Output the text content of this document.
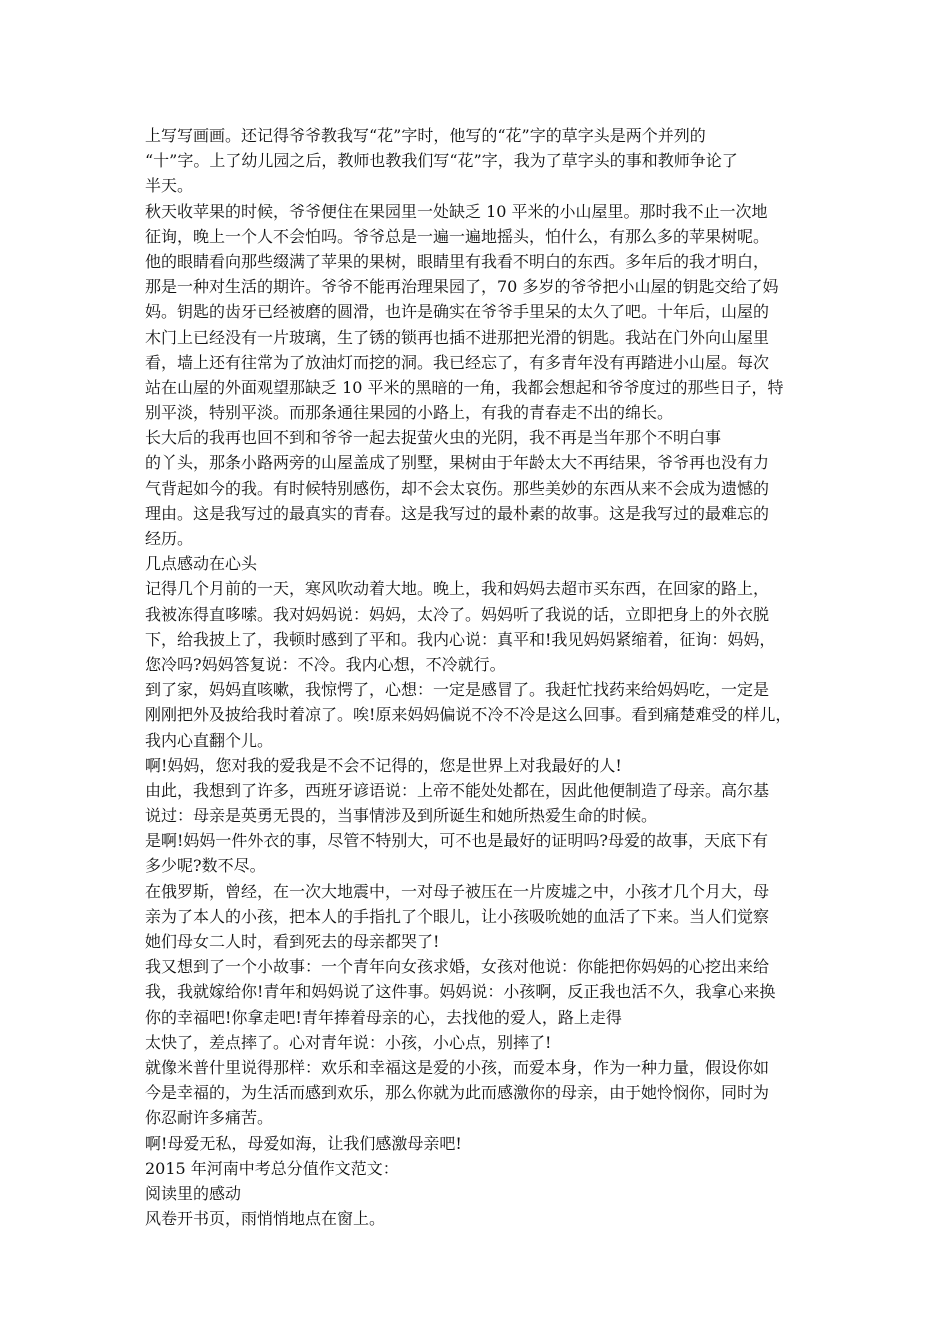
上写写画画。还记得爷爷教我写“花”字时，他写的“花”字的草字头是两个并列的
“十”字。上了幼儿园之后，教师也教我们写“花”字，我为了草字头的事和教师争论了
半天。
秋天收苹果的时候，爷爷便住在果园里一处缺乏 10 平米的小山屋里。那时我不止一次地
征询，晚上一个人不会怕吗。爷爷总是一遍一遍地摇头，怕什么，有那么多的苹果树呢。
他的眼睛看向那些缀满了苹果的果树，眼睛里有我看不明白的东西。多年后的我才明白，
那是一种对生活的期许。爷爷不能再治理果园了，70 多岁的爷爷把小山屋的钥匙交给了妈
妈。钥匙的齿牙已经被磨的圆滑，也许是确实在爷爷手里呆的太久了吧。十年后，山屋的
木门上已经没有一片玻璃，生了锈的锁再也插不进那把光滑的钥匙。我站在门外向山屋里
看，墙上还有往常为了放油灯而挖的洞。我已经忘了，有多青年没有再踏进小山屋。每次
站在山屋的外面观望那缺乏 10 平米的黑暗的一角，我都会想起和爷爷度过的那些日子，特
别平淡，特别平淡。而那条通往果园的小路上，有我的青春走不出的绵长。
长大后的我再也回不到和爷爷一起去捉萤火虫的光阴，我不再是当年那个不明白事
的丫头，那条小路两旁的山屋盖成了别墅，果树由于年龄太大不再结果，爷爷再也没有力
气背起如今的我。有时候特别感伤，却不会太哀伤。那些美妙的东西从来不会成为遗憾的
理由。这是我写过的最真实的青春。这是我写过的最朴素的故事。这是我写过的最难忘的
经历。
几点感动在心头
记得几个月前的一天，寒风吹动着大地。晚上，我和妈妈去超市买东西，在回家的路上，
我被冻得直哆嗦。我对妈妈说：妈妈，太冷了。妈妈听了我说的话，立即把身上的外衣脱
下，给我披上了，我顿时感到了平和。我内心说：真平和!我见妈妈紧缩着，征询：妈妈，
您冷吗?妈妈答复说：不冷。我内心想，不冷就行。
到了家，妈妈直咳嗽，我惊愕了，心想：一定是感冒了。我赶忙找药来给妈妈吃，一定是
刚刚把外及披给我时着凉了。唉!原来妈妈偏说不冷不冷是这么回事。看到痛楚难受的样儿，
我内心直翻个儿。
啊!妈妈，您对我的爱我是不会不记得的，您是世界上对我最好的人!
由此，我想到了许多，西班牙谚语说：上帝不能处处都在，因此他便制造了母亲。高尔基
说过：母亲是英勇无畏的，当事情涉及到所诞生和她所热爱生命的时候。
是啊!妈妈一件外衣的事，尽管不特别大，可不也是最好的证明吗?母爱的故事，天底下有
多少呢?数不尽。
在俄罗斯，曾经，在一次大地震中，一对母子被压在一片废墟之中，小孩才几个月大，母
亲为了本人的小孩，把本人的手指扎了个眼儿，让小孩吸吮她的血活了下来。当人们觉察
她们母女二人时，看到死去的母亲都哭了!
我又想到了一个小故事：一个青年向女孩求婚，女孩对他说：你能把你妈妈的心挖出来给
我，我就嫁给你!青年和妈妈说了这件事。妈妈说：小孩啊，反正我也活不久，我拿心来换
你的幸福吧!你拿走吧!青年捧着母亲的心，去找他的爱人，路上走得
太快了，差点摔了。心对青年说：小孩，小心点，别摔了!
就像米普什里说得那样：欢乐和幸福这是爱的小孩，而爱本身，作为一种力量，假设你如
今是幸福的，为生活而感到欢乐，那么你就为此而感激你的母亲，由于她怜悯你，同时为
你忍耐许多痛苦。
啊!母爱无私，母爱如海，让我们感激母亲吧!
2015 年河南中考总分值作文范文：
阅读里的感动
风卷开书页，雨悄悄地点在窗上。
